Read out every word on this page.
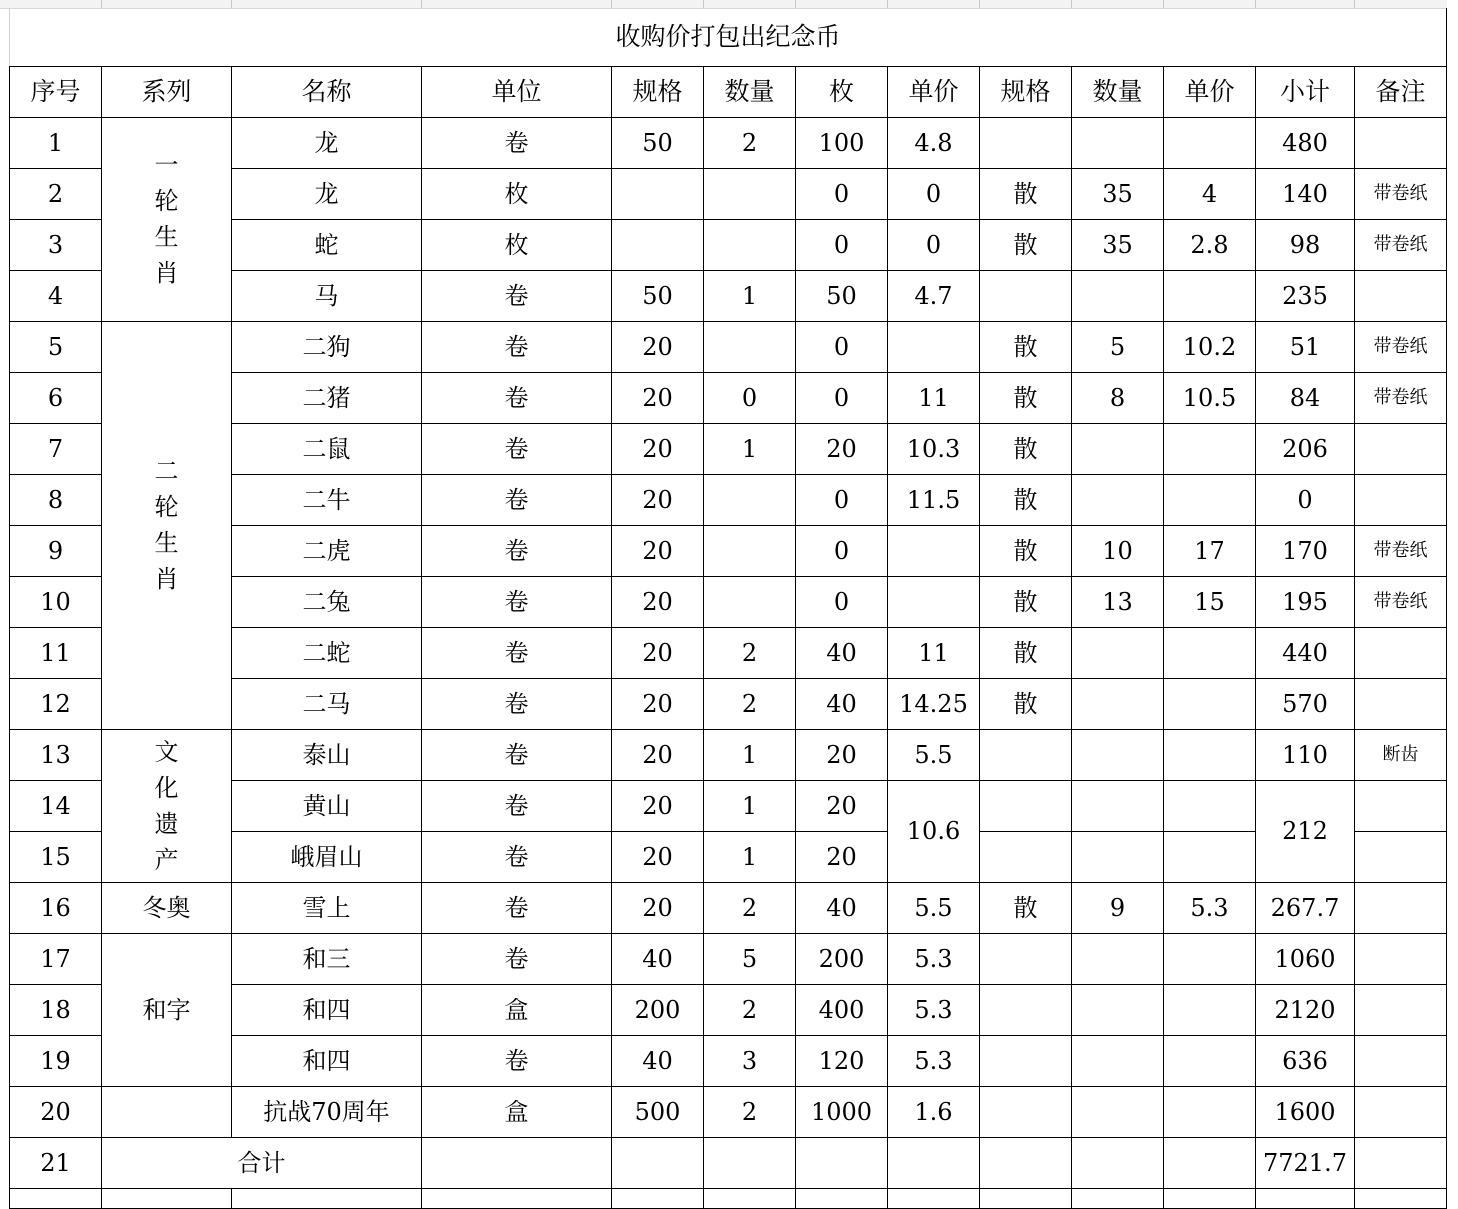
收购价打包出纪念币												
序号	系列	名称	单位	规格	数量	枚	单价	规格	数量	单价	小计	备注
1	一轮生肖	龙	卷	50	2	100	4.8				480	
2		龙	枚			0	0	散	35	4	140	带卷纸
3		蛇	枚			0	0	散	35	2.8	98	带卷纸
4		马	卷	50	1	50	4.7				235	
5	二轮生肖	二狗	卷	20		0		散	5	10.2	51	带卷纸
6		二猪	卷	20	0	0	11	散	8	10.5	84	带卷纸
7		二鼠	卷	20	1	20	10.3	散			206	
8		二牛	卷	20		0	11.5	散			0	
9		二虎	卷	20		0		散	10	17	170	带卷纸
10		二兔	卷	20		0		散	13	15	195	带卷纸
11		二蛇	卷	20	2	40	11	散			440	
12		二马	卷	20	2	40	14.25	散			570	
13	文化遗产	泰山	卷	20	1	20	5.5				110	断齿
14		黄山	卷	20	1	20	10.6				212	
15		峨眉山	卷	20	1	20						
16	冬奥	雪上	卷	20	2	40	5.5	散	9	5.3	267.7	
17	和字	和三	卷	40	5	200	5.3				1060	
18		和四	盒	200	2	400	5.3				2120	
19		和四	卷	40	3	120	5.3				636	
20		抗战70周年	盒	500	2	1000	1.6				1600	
21	合计										7721.7	
